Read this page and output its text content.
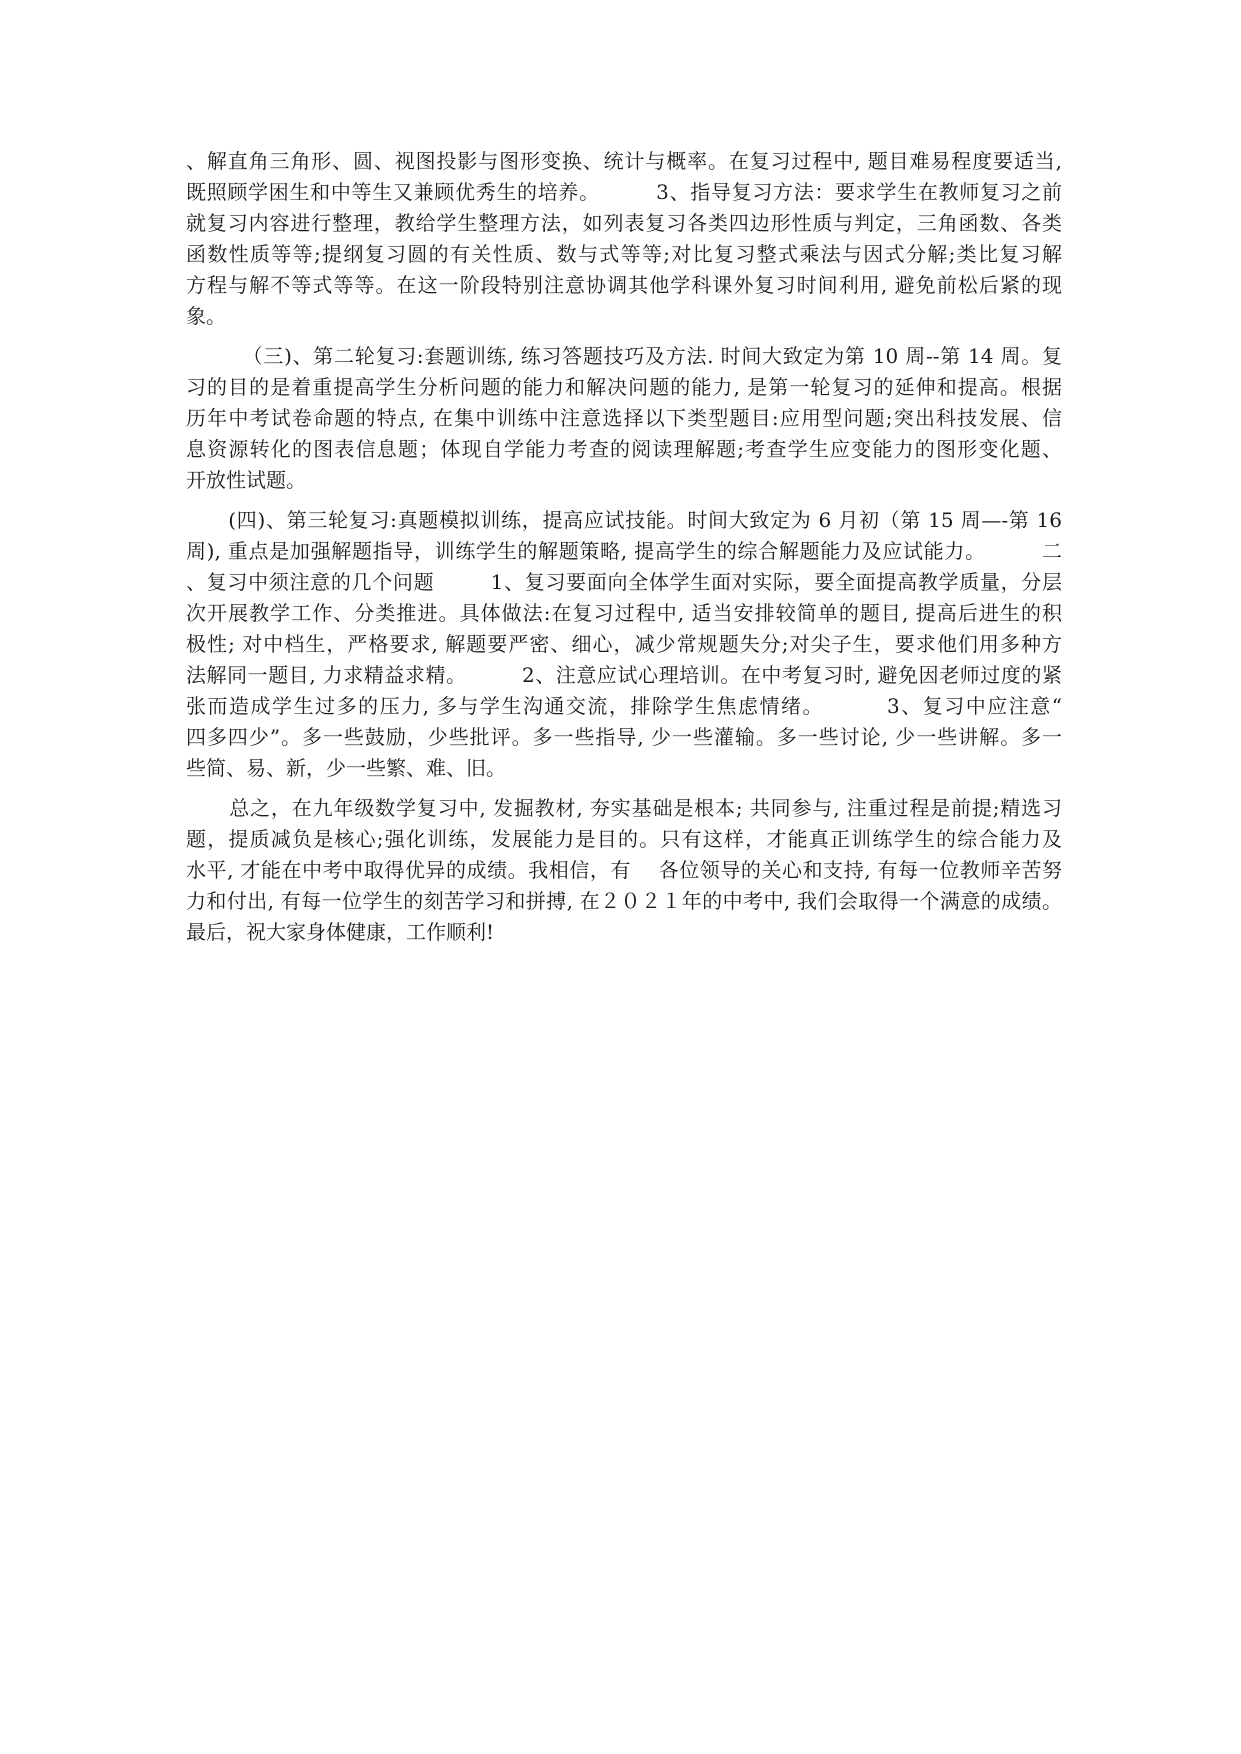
、解直角三角形、圆、视图投影与图形变换、统计与概率。在复习过程中, 题目难易程度要适当,
既照顾学困生和中等生又兼顾优秀生的培养。        3、指导复习方法：要求学生在教师复习之前
就复习内容进行整理，教给学生整理方法，如列表复习各类四边形性质与判定，三角函数、各类
函数性质等等;提纲复习圆的有关性质、数与式等等;对比复习整式乘法与因式分解;类比复习解
方程与解不等式等等。在这一阶段特别注意协调其他学科课外复习时间利用, 避免前松后紧的现
象。
（三)、第二轮复习:套题训练, 练习答题技巧及方法. 时间大致定为第 10 周--第 14 周。复
习的目的是着重提高学生分析问题的能力和解决问题的能力, 是第一轮复习的延伸和提高。根据
历年中考试卷命题的特点, 在集中训练中注意选择以下类型题目:应用型问题;突出科技发展、信
息资源转化的图表信息题；体现自学能力考查的阅读理解题;考查学生应变能力的图形变化题、
开放性试题。
(四)、第三轮复习:真题模拟训练，提高应试技能。时间大致定为 6 月初（第 15 周—-第 16
周), 重点是加强解题指导，训练学生的解题策略, 提高学生的综合解题能力及应试能力。        二
、复习中须注意的几个问题        1、复习要面向全体学生面对实际，要全面提高教学质量，分层
次开展教学工作、分类推进。具体做法:在复习过程中, 适当安排较简单的题目, 提高后进生的积
极性; 对中档生，严格要求, 解题要严密、细心，减少常规题失分;对尖子生，要求他们用多种方
法解同一题目, 力求精益求精。        2、注意应试心理培训。在中考复习时, 避免因老师过度的紧
张而造成学生过多的压力, 多与学生沟通交流，排除学生焦虑情绪。        3、复习中应注意“
四多四少”。多一些鼓励，少些批评。多一些指导, 少一些灌输。多一些讨论, 少一些讲解。多一
些简、易、新，少一些繁、难、旧。
总之，在九年级数学复习中, 发掘教材, 夯实基础是根本; 共同参与, 注重过程是前提;精选习
题，提质减负是核心;强化训练，发展能力是目的。只有这样，才能真正训练学生的综合能力及
水平, 才能在中考中取得优异的成绩。我相信，有    各位领导的关心和支持, 有每一位教师辛苦努
力和付出, 有每一位学生的刻苦学习和拼搏, 在２０２１年的中考中, 我们会取得一个满意的成绩。
最后，祝大家身体健康，工作顺利!
